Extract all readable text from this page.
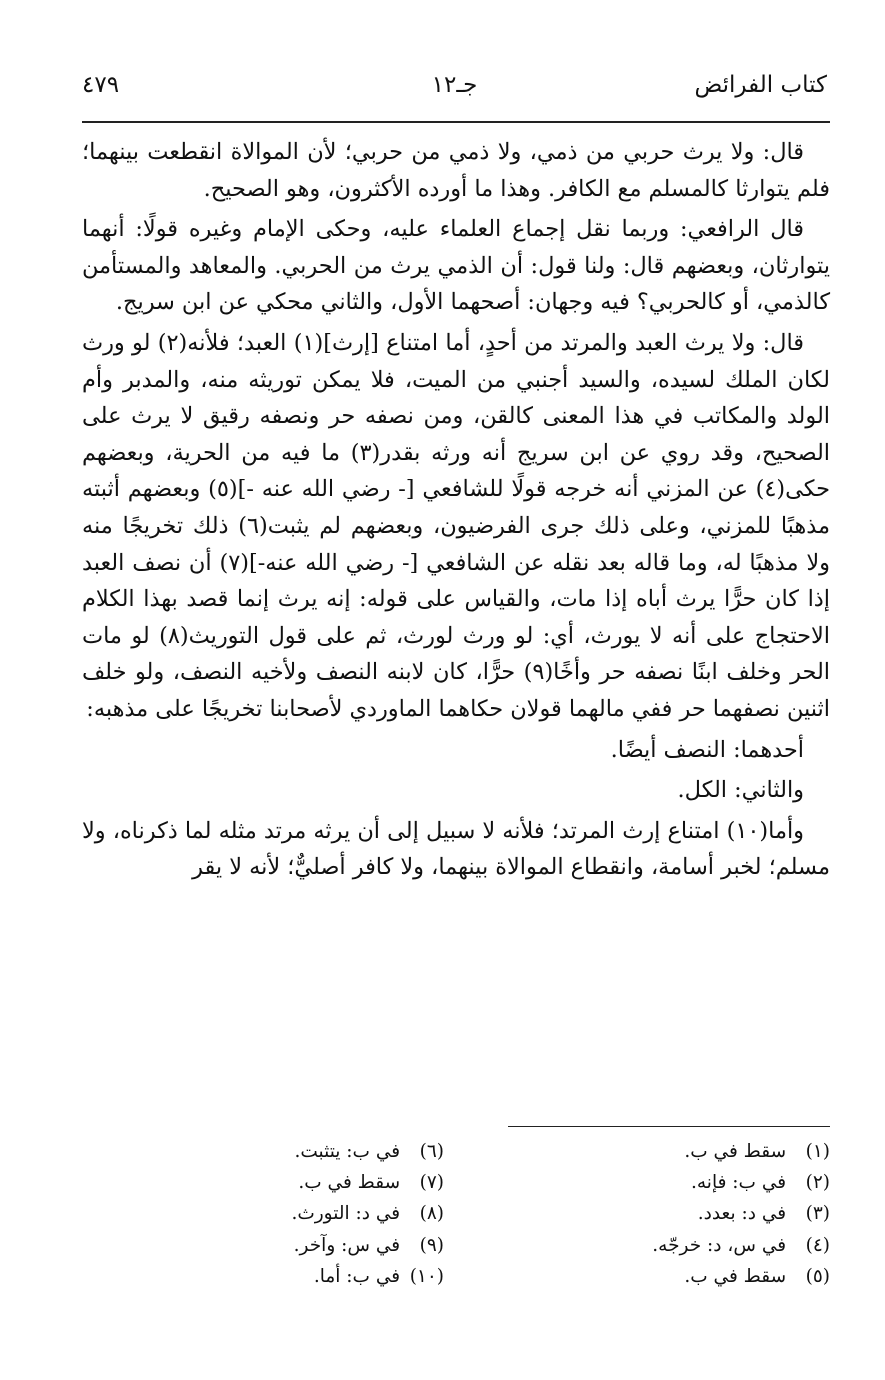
كتاب الفرائض
جـ١٢
٤٧٩

قال: ولا يرث حربي من ذمي، ولا ذمي من حربي؛ لأن الموالاة انقطعت بينهما؛ فلم يتوارثا كالمسلم مع الكافر. وهذا ما أورده الأكثرون، وهو الصحيح.

قال الرافعي: وربما نقل إجماع العلماء عليه، وحكى الإمام وغيره قولًا: أنهما يتوارثان، وبعضهم قال: ولنا قول: أن الذمي يرث من الحربي. والمعاهد والمستأمن كالذمي، أو كالحربي؟ فيه وجهان: أصحهما الأول، والثاني محكي عن ابن سريج.

قال: ولا يرث العبد والمرتد من أحدٍ، أما امتناع [إرث](١) العبد؛ فلأنه(٢) لو ورث لكان الملك لسيده، والسيد أجنبي من الميت، فلا يمكن توريثه منه، والمدبر وأم الولد والمكاتب في هذا المعنى كالقن، ومن نصفه حر ونصفه رقيق لا يرث على الصحيح، وقد روي عن ابن سريج أنه ورثه بقدر(٣) ما فيه من الحرية، وبعضهم حكى(٤) عن المزني أنه خرجه قولًا للشافعي [- رضي الله عنه -](٥) وبعضهم أثبته مذهبًا للمزني، وعلى ذلك جرى الفرضيون، وبعضهم لم يثبت(٦) ذلك تخريجًا منه ولا مذهبًا له، وما قاله بعد نقله عن الشافعي [- رضي الله عنه-](٧) أن نصف العبد إذا كان حرًّا يرث أباه إذا مات، والقياس على قوله: إنه يرث إنما قصد بهذا الكلام الاحتجاج على أنه لا يورث، أي: لو ورث لورث، ثم على قول التوريث(٨) لو مات الحر وخلف ابنًا نصفه حر وأخًا(٩) حرًّا، كان لابنه النصف ولأخيه النصف، ولو خلف اثنين نصفهما حر ففي مالهما قولان حكاهما الماوردي لأصحابنا تخريجًا على مذهبه:

أحدهما: النصف أيضًا.

والثاني: الكل.

وأما(١٠) امتناع إرث المرتد؛ فلأنه لا سبيل إلى أن يرثه مرتد مثله لما ذكرناه، ولا مسلم؛ لخبر أسامة، وانقطاع الموالاة بينهما، ولا كافر أصليٌّ؛ لأنه لا يقر

(١) سقط في ب.
(٢) في ب: فإنه.
(٣) في د: بعدد.
(٤) في س، د: خرجّه.
(٥) سقط في ب.
(٦) في ب: يتثبت.
(٧) سقط في ب.
(٨) في د: التورث.
(٩) في س: وآخر.
(١٠) في ب: أما.
